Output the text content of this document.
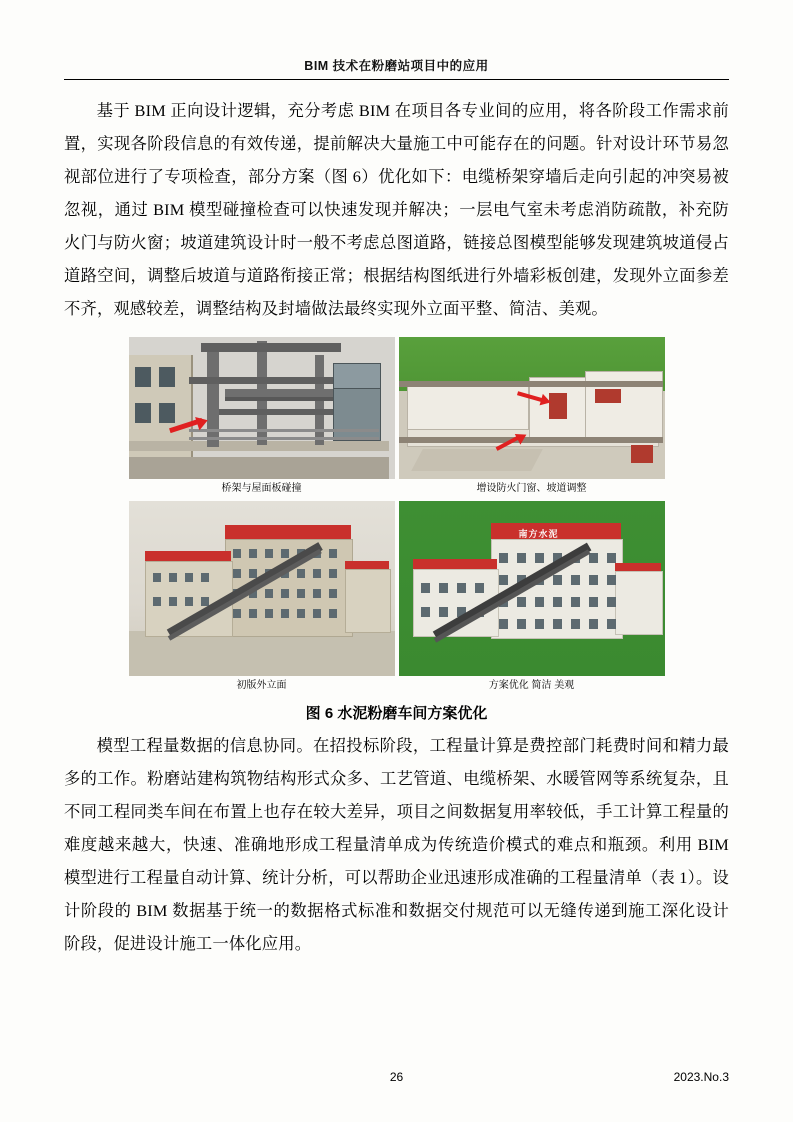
BIM 技术在粉磨站项目中的应用

基于 BIM 正向设计逻辑，充分考虑 BIM 在项目各专业间的应用，将各阶段工作需求前置，实现各阶段信息的有效传递，提前解决大量施工中可能存在的问题。针对设计环节易忽视部位进行了专项检查，部分方案（图 6）优化如下：电缆桥架穿墙后走向引起的冲突易被忽视，通过 BIM 模型碰撞检查可以快速发现并解决；一层电气室未考虑消防疏散，补充防火门与防火窗；坡道建筑设计时一般不考虑总图道路，链接总图模型能够发现建筑坡道侵占道路空间，调整后坡道与道路衔接正常；根据结构图纸进行外墙彩板创建，发现外立面参差不齐，观感较差，调整结构及封墙做法最终实现外立面平整、简洁、美观。

桥架与屋面板碰撞	增设防火门窗、坡道调整
初版外立面
南方水泥
方案优化 简洁 美观
图 6 水泥粉磨车间方案优化

模型工程量数据的信息协同。在招投标阶段，工程量计算是费控部门耗费时间和精力最多的工作。粉磨站建构筑物结构形式众多、工艺管道、电缆桥架、水暖管网等系统复杂，且不同工程同类车间在布置上也存在较大差异，项目之间数据复用率较低，手工计算工程量的难度越来越大，快速、准确地形成工程量清单成为传统造价模式的难点和瓶颈。利用 BIM 模型进行工程量自动计算、统计分析，可以帮助企业迅速形成准确的工程量清单（表 1）。设计阶段的 BIM 数据基于统一的数据格式标准和数据交付规范可以无缝传递到施工深化设计阶段，促进设计施工一体化应用。

26	2023.No.3
